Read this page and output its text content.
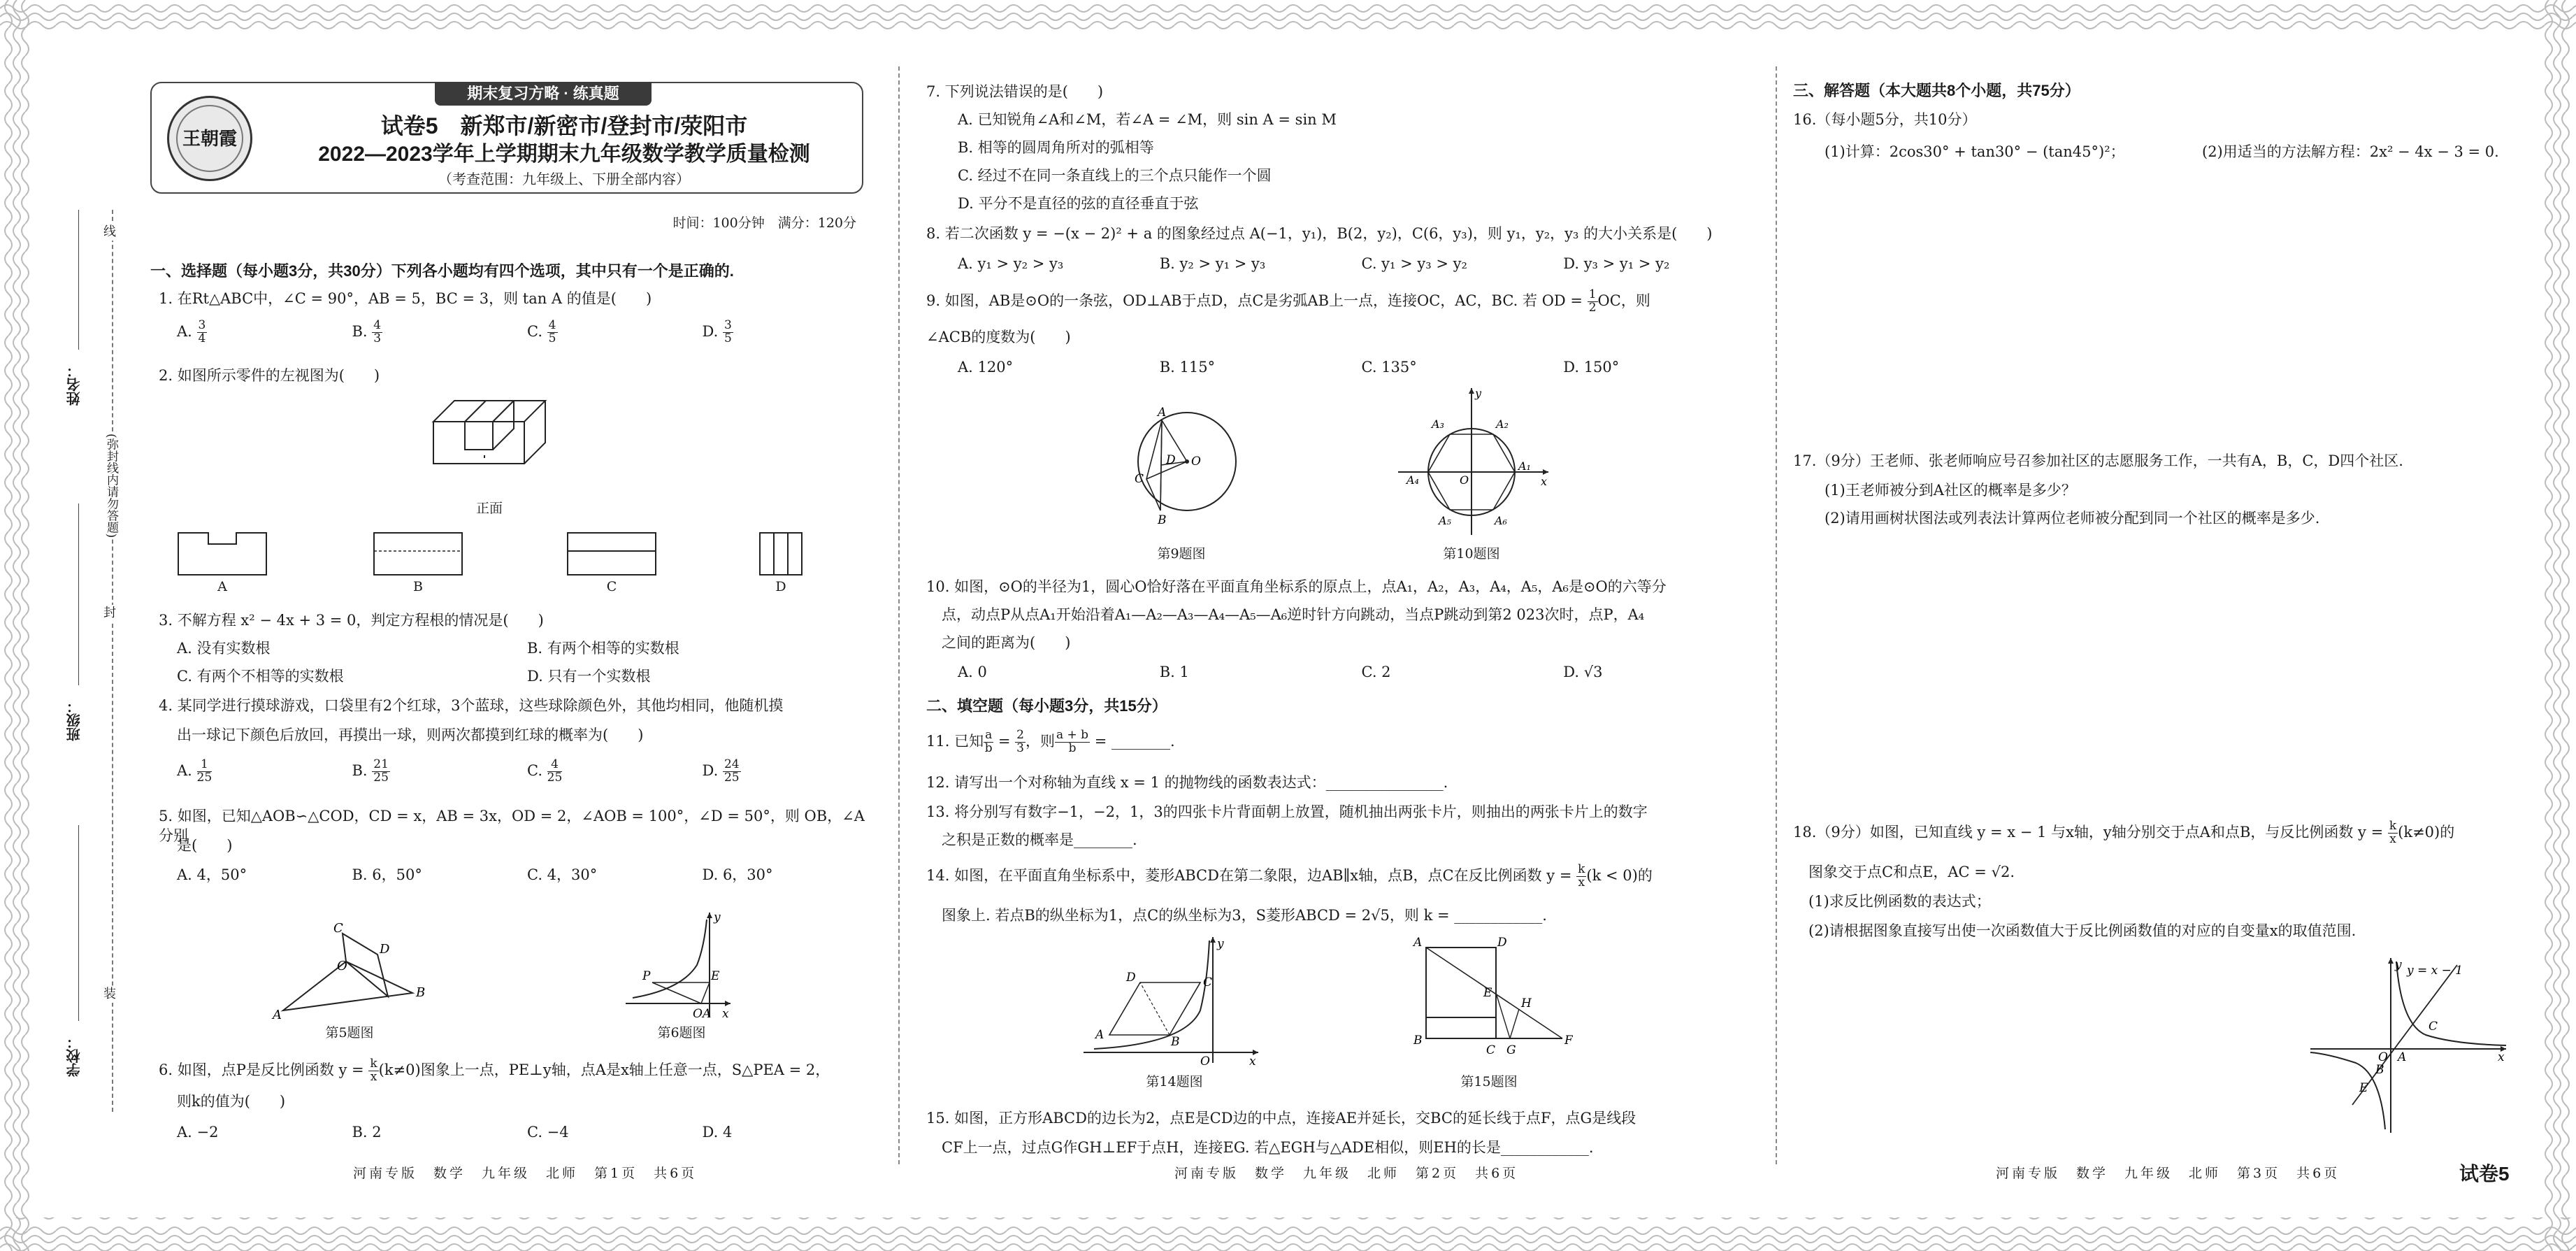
姓名：
班级：
学校：
线
(弥封线内请勿答题)
封
装
期末复习方略 · 练真题
王朝霞
试卷5　新郑市/新密市/登封市/荥阳市
2022—2023学年上学期期末九年级数学教学质量检测
（考查范围：九年级上、下册全部内容）
时间：100分钟　满分：120分
一、选择题（每小题3分，共30分）下列各小题均有四个选项，其中只有一个是正确的.
1. 在Rt△ABC中，∠C = 90°，AB = 5，BC = 3，则 tan A 的值是(　　)
A. $\frac{3}{4}$	B. $\frac{4}{3}$	C. $\frac{4}{5}$	D. $\frac{3}{5}$
2. 如图所示零件的左视图为(　　)
正面
A	B	C	D
3. 不解方程 x² − 4x + 3 = 0，判定方程根的情况是(　　)
A. 没有实数根	B. 有两个相等的实数根
C. 有两个不相等的实数根	D. 只有一个实数根
4. 某同学进行摸球游戏，口袋里有2个红球，3个蓝球，这些球除颜色外，其他均相同，他随机摸
出一球记下颜色后放回，再摸出一球，则两次都摸到红球的概率为(　　)
A. $\frac{1}{25}$	B. $\frac{21}{25}$	C. $\frac{4}{25}$	D. $\frac{24}{25}$
5. 如图，已知△AOB∽△COD，CD = x，AB = 3x，OD = 2，∠AOB = 100°，∠D = 50°，则 OB，∠A 分别
是(　　)
A. 4，50°	B. 6，50°	C. 4，30°	D. 6，30°
C
D
O
A
B
第5题图
P	E
O A x
y
第6题图
6. 如图，点P是反比例函数 $y = \frac{k}{x} (k\ne 0)$图象上一点，PE⊥y轴，点A是x轴上任意一点，S△PEA = 2，
则k的值为(　　)
A. −2	B. 2	C. −4	D. 4
河南专版　数学　九年级　北师　第1页　共6页
7. 下列说法错误的是(　　)
A. 已知锐角∠A和∠M，若∠A = ∠M，则 sin A = sin M
B. 相等的圆周角所对的弧相等
C. 经过不在同一条直线上的三个点只能作一个圆
D. 平分不是直径的弦的直径垂直于弦
8. 若二次函数 y = −(x − 2)² + a 的图象经过点 A(−1，y₁)，B(2，y₂)，C(6，y₃)，则 y₁，y₂，y₃ 的大小关系是(　　)
A. y₁ > y₂ > y₃	B. y₂ > y₁ > y₃	C. y₁ > y₃ > y₂	D. y₃ > y₁ > y₂
9. 如图，AB是⊙O的一条弦，OD⊥AB于点D，点C是劣弧AB上一点，连接OC，AC，BC. 若 OD = $\frac{1}{2}$ OC，则
∠ACB的度数为(　　)
A. 120°	B. 115°	C. 135°	D. 150°
A
C
D O
B
第9题图
A₁
A₂
A₃
A₄
A₅	A₆
O	x
y
第10题图
10. 如图，⊙O的半径为1，圆心O恰好落在平面直角坐标系的原点上，点A₁，A₂，A₃，A₄，A₅，A₆是⊙O的六等分
点，动点P从点A₁开始沿着A₁—A₂—A₃—A₄—A₅—A₆逆时针方向跳动，当点P跳动到第2 023次时，点P，A₄
之间的距离为(　　)
A. 0	B. 1	C. 2	D. √3
二、填空题（每小题3分，共15分）
11. 已知 $\frac{a}{b} = \frac{2}{3}$ ，则 $\frac{a + b}{b}$ = ________.
12. 请写出一个对称轴为直线 x = 1 的抛物线的函数表达式：________________.
13. 将分别写有数字−1，−2，1，3的四张卡片背面朝上放置，随机抽出两张卡片，则抽出的两张卡片上的数字
之积是正数的概率是________.
14. 如图，在平面直角坐标系中，菱形ABCD在第二象限，边AB∥x轴，点B，点C在反比例函数 $y = \frac{k}{x} (k < 0)$的
图象上. 若点B的纵坐标为1，点C的纵坐标为3，S菱形ABCD = 2√5，则 k = ____________.
A	B
C
D
O	x
y
第14题图
A	D
B
C G
E
H
F
第15题图
15. 如图，正方形ABCD的边长为2，点E是CD边的中点，连接AE并延长，交BC的延长线于点F，点G是线段
CF上一点，过点G作GH⊥EF于点H，连接EG. 若△EGH与△ADE相似，则EH的长是____________.
河南专版　数学　九年级　北师　第2页　共6页
三、解答题（本大题共8个小题，共75分）
16.（每小题5分，共10分）
(1)计算：2cos30° + tan30° − (tan45°)²；	(2)用适当的方法解方程：2x² − 4x − 3 = 0.
17.（9分）王老师、张老师响应号召参加社区的志愿服务工作，一共有A，B，C，D四个社区.
(1)王老师被分到A社区的概率是多少？
(2)请用画树状图法或列表法计算两位老师被分配到同一个社区的概率是多少.
18.（9分）如图，已知直线 y = x − 1 与x轴，y轴分别交于点A和点B，与反比例函数 $y = \frac{k}{x} (k\ne 0)$的
图象交于点C和点E，AC = √2.
(1)求反比例函数的表达式；
(2)请根据图象直接写出使一次函数值大于反比例函数值的对应的自变量x的取值范围.
y = x − 1
O A
C
B
E
x
y
河南专版　数学　九年级　北师　第3页　共6页	试卷5
